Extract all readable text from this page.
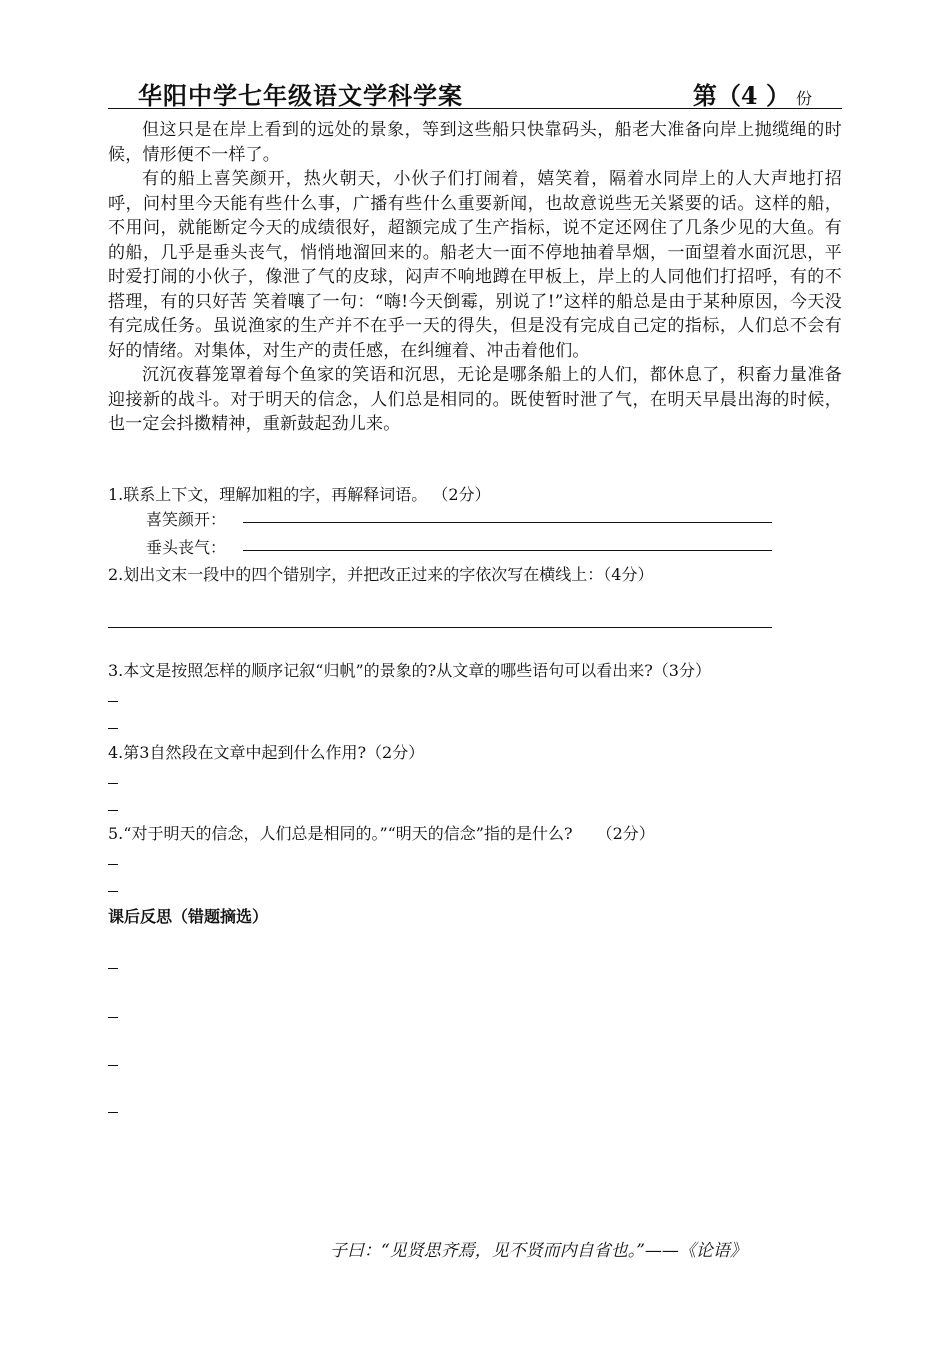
华阳中学七年级语文学科学案	第（4 ） 份

但这只是在岸上看到的远处的景象，等到这些船只快靠码头，船老大准备向岸上抛缆绳的时候，情形便不一样了。

有的船上喜笑颜开，热火朝天，小伙子们打闹着，嬉笑着，隔着水同岸上的人大声地打招呼，问村里今天能有些什么事，广播有些什么重要新闻，也故意说些无关紧要的话。这样的船，不用问，就能断定今天的成绩很好，超额完成了生产指标，说不定还网住了几条少见的大鱼。有的船，几乎是垂头丧气，悄悄地溜回来的。船老大一面不停地抽着旱烟，一面望着水面沉思，平时爱打闹的小伙子，像泄了气的皮球，闷声不响地蹲在甲板上，岸上的人同他们打招呼，有的不搭理，有的只好苦 笑着嚷了一句：“嗨!今天倒霉，别说了!”这样的船总是由于某种原因，今天没有完成任务。虽说渔家的生产并不在乎一天的得失，但是没有完成自己定的指标，人们总不会有好的情绪。对集体，对生产的责任感，在纠缠着、冲击着他们。

沉沉夜暮笼罩着每个鱼家的笑语和沉思，无论是哪条船上的人们，都休息了，积畜力量准备迎接新的战斗。对于明天的信念，人们总是相同的。既使暂时泄了气，在明天早晨出海的时候，也一定会抖擞精神，重新鼓起劲儿来。

1.联系上下文，理解加粗的字，再解释词语。 （2分）
喜笑颜开：
垂头丧气：
2.划出文末一段中的四个错别字，并把改正过来的字依次写在横线上：（4分）
3.本文是按照怎样的顺序记叙“归帆”的景象的?从文章的哪些语句可以看出来?（3分）
4.第3自然段在文章中起到什么作用?（2分）
5.“对于明天的信念，人们总是相同的。”“明天的信念”指的是什么?　　（2分）
课后反思（错题摘选）
子曰：“见贤思齐焉，见不贤而内自省也。”——《论语》
